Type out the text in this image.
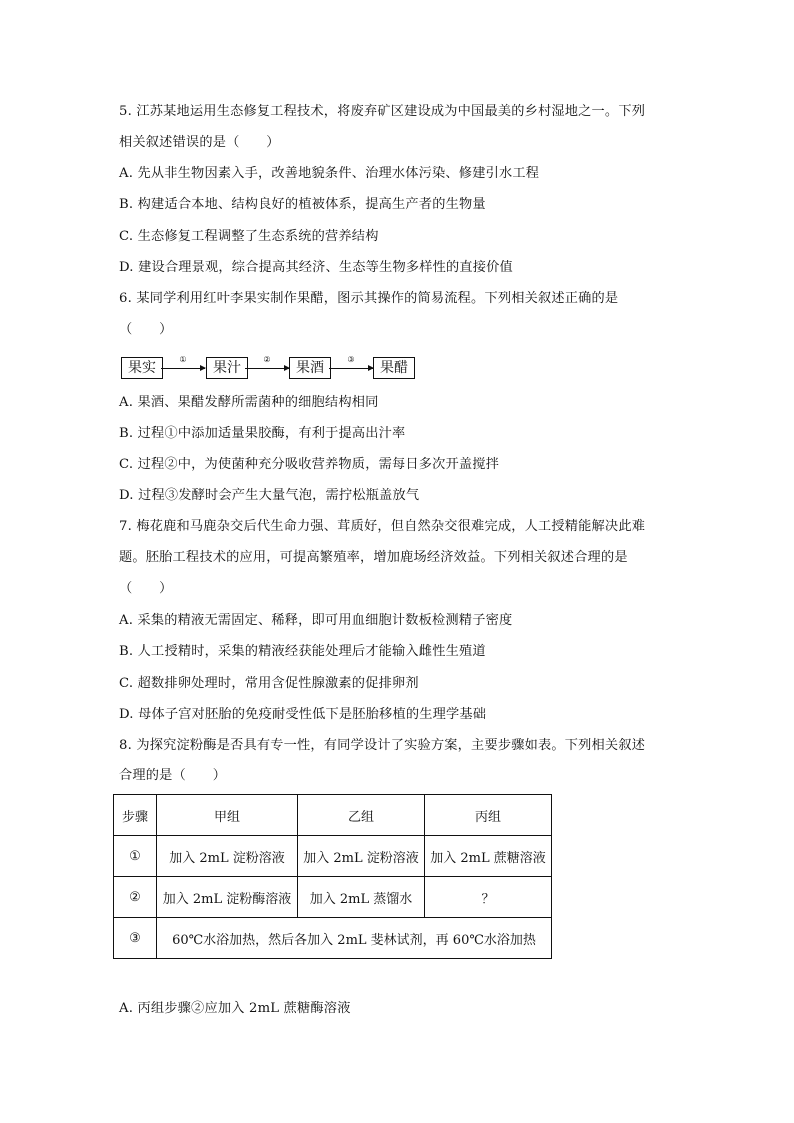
5. 江苏某地运用生态修复工程技术，将废弃矿区建设成为中国最美的乡村湿地之一。下列
相关叙述错误的是（　　）
A. 先从非生物因素入手，改善地貌条件、治理水体污染、修建引水工程
B. 构建适合本地、结构良好的植被体系，提高生产者的生物量
C. 生态修复工程调整了生态系统的营养结构
D. 建设合理景观，综合提高其经济、生态等生物多样性的直接价值
6. 某同学利用红叶李果实制作果醋，图示其操作的简易流程。下列相关叙述正确的是
（　　）
果实
①
果汁
②
果酒
③
果醋
A. 果酒、果醋发酵所需菌种的细胞结构相同
B. 过程①中添加适量果胶酶，有利于提高出汁率
C. 过程②中，为使菌种充分吸收营养物质，需每日多次开盖搅拌
D. 过程③发酵时会产生大量气泡，需拧松瓶盖放气
7. 梅花鹿和马鹿杂交后代生命力强、茸质好，但自然杂交很难完成，人工授精能解决此难
题。胚胎工程技术的应用，可提高繁殖率，增加鹿场经济效益。下列相关叙述合理的是
（　　）
A. 采集的精液无需固定、稀释，即可用血细胞计数板检测精子密度
B. 人工授精时，采集的精液经获能处理后才能输入雌性生殖道
C. 超数排卵处理时，常用含促性腺激素的促排卵剂
D. 母体子宫对胚胎的免疫耐受性低下是胚胎移植的生理学基础
8. 为探究淀粉酶是否具有专一性，有同学设计了实验方案，主要步骤如表。下列相关叙述
合理的是（　　）
步骤	甲组	乙组	丙组
①	加入 2mL 淀粉溶液	加入 2mL 淀粉溶液	加入 2mL 蔗糖溶液
②	加入 2mL 淀粉酶溶液	加入 2mL 蒸馏水	？
③	60℃水浴加热，然后各加入 2mL 斐林试剂，再 60℃水浴加热		
A. 丙组步骤②应加入 2mL 蔗糖酶溶液
